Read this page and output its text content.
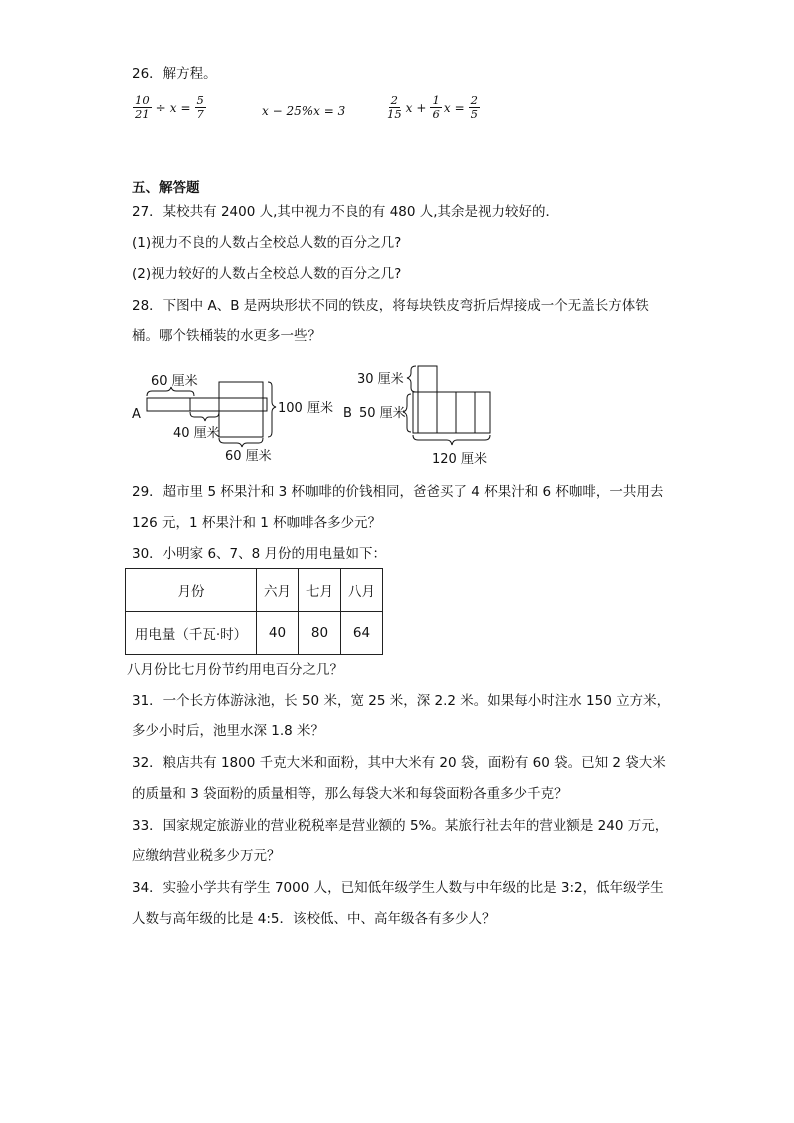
26．解方程。
$\frac{10}{21} \div x = \frac{5}{7}$	x − 25%x = 3	$\frac{2}{15}$ $x + \frac{1}{6}$ $x = \frac{2}{5}$
五、解答题
27．某校共有 2400 人,其中视力不良的有 480 人,其余是视力较好的．
(1)视力不良的人数占全校总人数的百分之几?
(2)视力较好的人数占全校总人数的百分之几?
28．下图中 A、B 是两块形状不同的铁皮，将每块铁皮弯折后焊接成一个无盖长方体铁
桶。哪个铁桶装的水更多一些？
A
60 厘米
100 厘米
40 厘米
60 厘米
B
30 厘米
50 厘米
120 厘米
29．超市里 5 杯果汁和 3 杯咖啡的价钱相同，爸爸买了 4 杯果汁和 6 杯咖啡，一共用去
126 元，1 杯果汁和 1 杯咖啡各多少元？
30．小明家 6、7、8 月份的用电量如下：
月份	六月	七月	八月
用电量（千瓦·时）	40	80	64
八月份比七月份节约用电百分之几？
31．一个长方体游泳池，长 50 米，宽 25 米，深 2.2 米。如果每小时注水 150 立方米，
多少小时后，池里水深 1.8 米？
32．粮店共有 1800 千克大米和面粉，其中大米有 20 袋，面粉有 60 袋。已知 2 袋大米
的质量和 3 袋面粉的质量相等，那么每袋大米和每袋面粉各重多少千克？
33．国家规定旅游业的营业税税率是营业额的 5%。某旅行社去年的营业额是 240 万元，
应缴纳营业税多少万元？
34．实验小学共有学生 7000 人，已知低年级学生人数与中年级的比是 3:2，低年级学生
人数与高年级的比是 4:5．该校低、中、高年级各有多少人？
